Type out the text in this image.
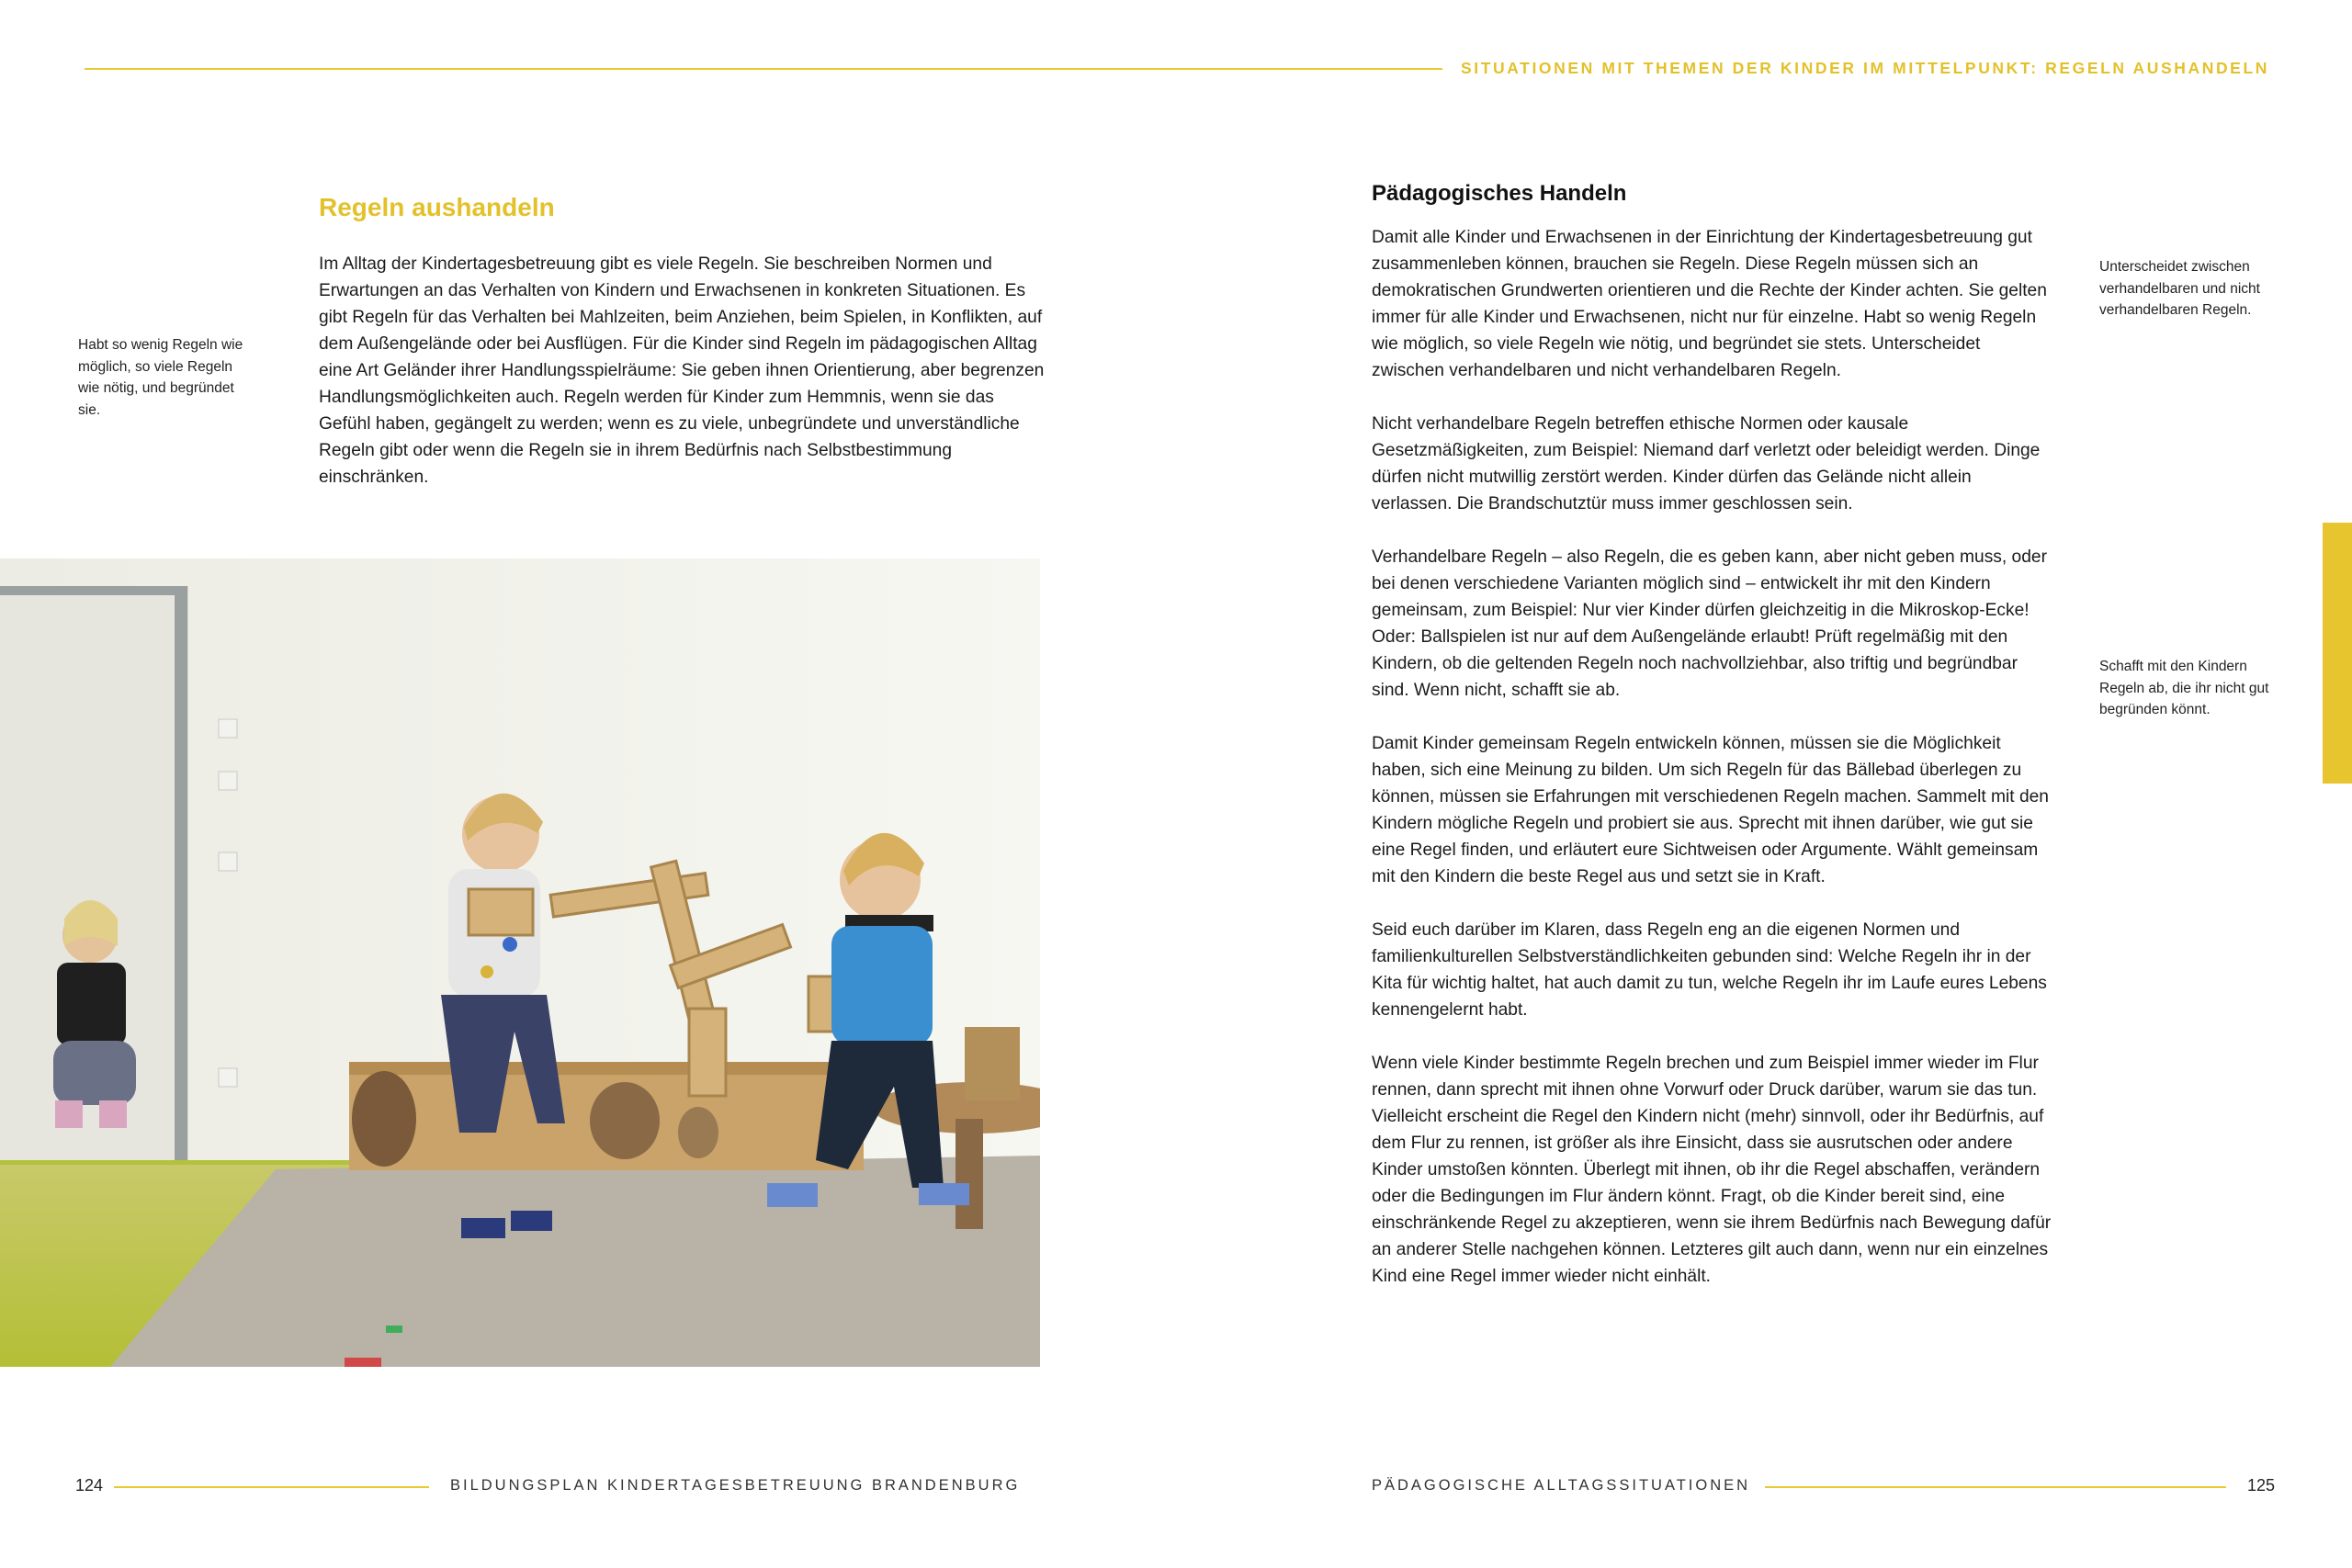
SITUATIONEN MIT THEMEN DER KINDER IM MITTELPUNKT: REGELN AUSHANDELN
Regeln aushandeln

Im Alltag der Kindertagesbetreuung gibt es viele Regeln. Sie beschreiben Normen und Erwartungen an das Verhalten von Kindern und Erwachsenen in konkreten Situationen. Es gibt Regeln für das Verhalten bei Mahlzeiten, beim Anziehen, beim Spielen, in Konflikten, auf dem Außengelände oder bei Ausflügen. Für die Kinder sind Regeln im pädagogischen Alltag eine Art Geländer ihrer Handlungsspielräume: Sie geben ihnen Orientierung, aber begrenzen Handlungsmöglichkeiten auch. Regeln werden für Kinder zum Hemmnis, wenn sie das Gefühl haben, gegängelt zu werden; wenn es zu viele, unbegründete und unverständliche Regeln gibt oder wenn die Regeln sie in ihrem Bedürfnis nach Selbstbestimmung einschränken.

Habt so wenig Regeln wie möglich, so viele Regeln wie nötig, und begründet sie.
Pädagogisches Handeln

Damit alle Kinder und Erwachsenen in der Einrichtung der Kindertagesbetreuung gut zusammenleben können, brauchen sie Regeln. Diese Regeln müssen sich an demokratischen Grundwerten orientieren und die Rechte der Kinder achten. Sie gelten immer für alle Kinder und Erwachsenen, nicht nur für einzelne. Habt so wenig Regeln wie möglich, so viele Regeln wie nötig, und begründet sie stets. Unterscheidet zwischen verhandelbaren und nicht verhandelbaren Regeln.

Nicht verhandelbare Regeln betreffen ethische Normen oder kausale Gesetzmäßigkeiten, zum Beispiel: Niemand darf verletzt oder beleidigt werden. Dinge dürfen nicht mutwillig zerstört werden. Kinder dürfen das Gelände nicht allein verlassen. Die Brandschutztür muss immer geschlossen sein.

Verhandelbare Regeln – also Regeln, die es geben kann, aber nicht geben muss, oder bei denen verschiedene Varianten möglich sind – entwickelt ihr mit den Kindern gemeinsam, zum Beispiel: Nur vier Kinder dürfen gleichzeitig in die Mikroskop-Ecke! Oder: Ballspielen ist nur auf dem Außengelände erlaubt! Prüft regelmäßig mit den Kindern, ob die geltenden Regeln noch nachvollziehbar, also triftig und begründbar sind. Wenn nicht, schafft sie ab.

Damit Kinder gemeinsam Regeln entwickeln können, müssen sie die Möglichkeit haben, sich eine Meinung zu bilden. Um sich Regeln für das Bällebad überlegen zu können, müssen sie Erfahrungen mit verschiedenen Regeln machen. Sammelt mit den Kindern mögliche Regeln und probiert sie aus. Sprecht mit ihnen darüber, wie gut sie eine Regel finden, und erläutert eure Sichtweisen oder Argumente. Wählt gemeinsam mit den Kindern die beste Regel aus und setzt sie in Kraft.

Seid euch darüber im Klaren, dass Regeln eng an die eigenen Normen und familienkulturellen Selbstverständlichkeiten gebunden sind: Welche Regeln ihr in der Kita für wichtig haltet, hat auch damit zu tun, welche Regeln ihr im Laufe eures Lebens kennengelernt habt.

Wenn viele Kinder bestimmte Regeln brechen und zum Beispiel immer wieder im Flur rennen, dann sprecht mit ihnen ohne Vorwurf oder Druck darüber, warum sie das tun. Vielleicht erscheint die Regel den Kindern nicht (mehr) sinnvoll, oder ihr Bedürfnis, auf dem Flur zu rennen, ist größer als ihre Einsicht, dass sie ausrutschen oder andere Kinder umstoßen könnten. Überlegt mit ihnen, ob ihr die Regel abschaffen, verändern oder die Bedingungen im Flur ändern könnt. Fragt, ob die Kinder bereit sind, eine einschränkende Regel zu akzeptieren, wenn sie ihrem Bedürfnis nach Bewegung dafür an anderer Stelle nachgehen können. Letzteres gilt auch dann, wenn nur ein einzelnes Kind eine Regel immer wieder nicht einhält.

Unterscheidet zwischen verhandelbaren und nicht verhandelbaren Regeln.
Schafft mit den Kindern Regeln ab, die ihr nicht gut begründen könnt.
124	BILDUNGSPLAN KINDERTAGESBETREUUNG BRANDENBURG	PÄDAGOGISCHE ALLTAGSSITUATIONEN	125
